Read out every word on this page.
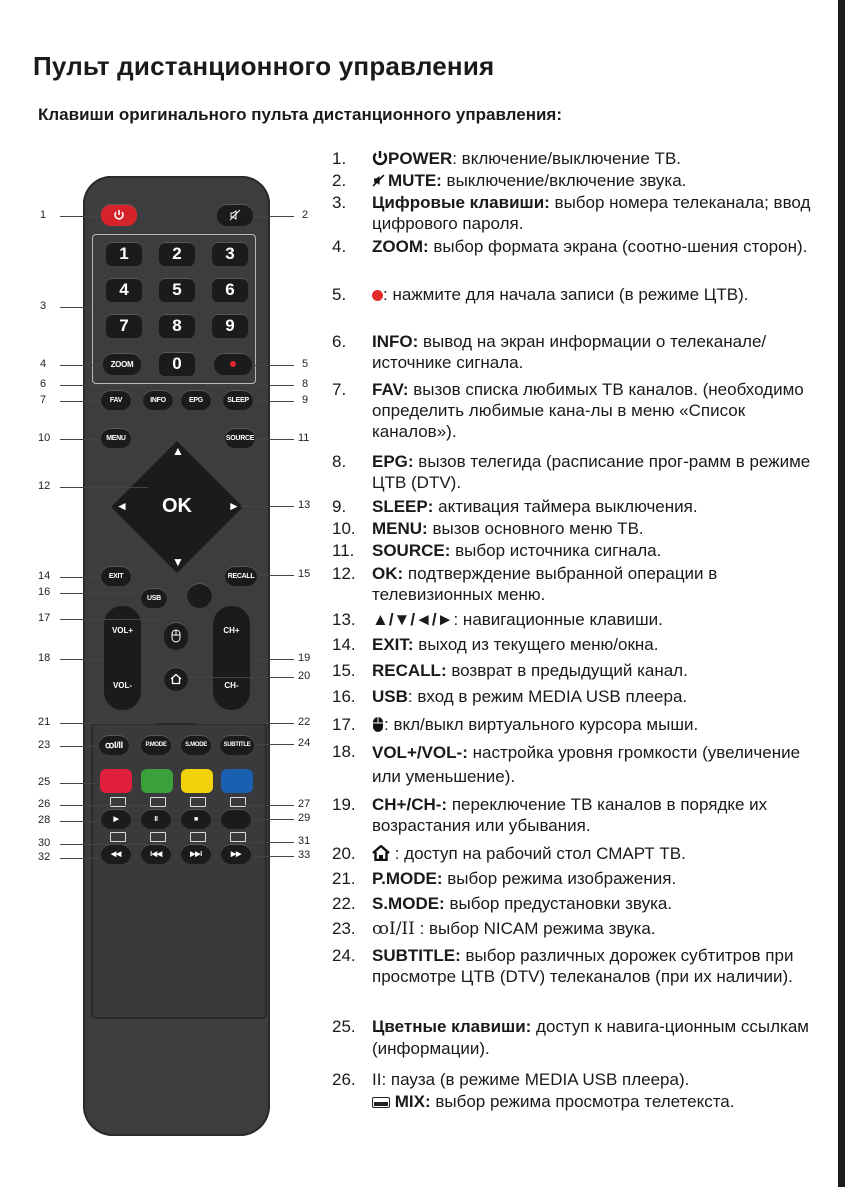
Пульт дистанционного управления
Клавиши оригинального пульта дистанционного управления:
1	2	3
4	5	6
7	8	9
ZOOM	0
FAV	INFO	EPG	SLEEP
MENU	SOURCE
▲
▼
◄	►
OK
EXIT	RECALL
USB
VOL+
VOL-
CH+
CH-
ꝏI/II	P.MODE	S.MODE	SUBTITLE
▶	II	■
◀◀	I◀◀	▶▶I	▶▶
1
3
4
6
7
10
12
14
16
17
18
21
23
25
26
28
30
32
2
5
8
9
11
13
15
19
20
22
24
27
29
31
33
1.	POWER: включение/выключение ТВ.
2.	MUTE: выключение/включение звука.
3.	Цифровые клавиши: выбор номера телеканала; ввод цифрового пароля.
4.	ZOOM: выбор формата экрана (соотно-шения сторон).
5.	: нажмите для начала записи (в режиме ЦТВ).
6.	INFO: вывод на экран информации о телеканале/источнике сигнала.
7.	FAV: вызов списка любимых ТВ каналов. (необходимо определить любимые кана-лы в меню «Список каналов»).
8.	EPG: вызов телегида (расписание прог-рамм в режиме ЦТВ (DTV).
9.	SLEEP: активация таймера выключения.
10. MENU: вызов основного меню ТВ.
11.	SOURCE: выбор источника сигнала.
12. OK: подтверждение выбранной операции в телевизионных меню.
13. ▲/▼/◄/►: навигационные клавиши.
14. EXIT: выход из текущего меню/окна.
15. RECALL: возврат в предыдущий канал.
16. USB: вход в режим MEDIA USB плеера.
17.	: вкл/выкл виртуального курсора мыши.
18. VOL+/VOL-: настройка уровня громкости (увеличение или уменьшение).
19. CH+/CH-: переключение ТВ каналов в порядке их возрастания или убывания.
20.	: доступ на рабочий стол СМАРТ ТВ.
21. P.MODE: выбор режима изображения.
22. S.MODE: выбор предустановки звука.
23. ꝏI/II : выбор NICAM режима звука.
24. SUBTITLE: выбор различных дорожек субтитров при просмотре ЦТВ (DTV) телеканалов (при их наличии).
25. Цветные клавиши: доступ к навига-ционным ссылкам (информации).
26. II: пауза (в режиме MEDIA USB плеера).
MIX: выбор режима просмотра телетекста.
